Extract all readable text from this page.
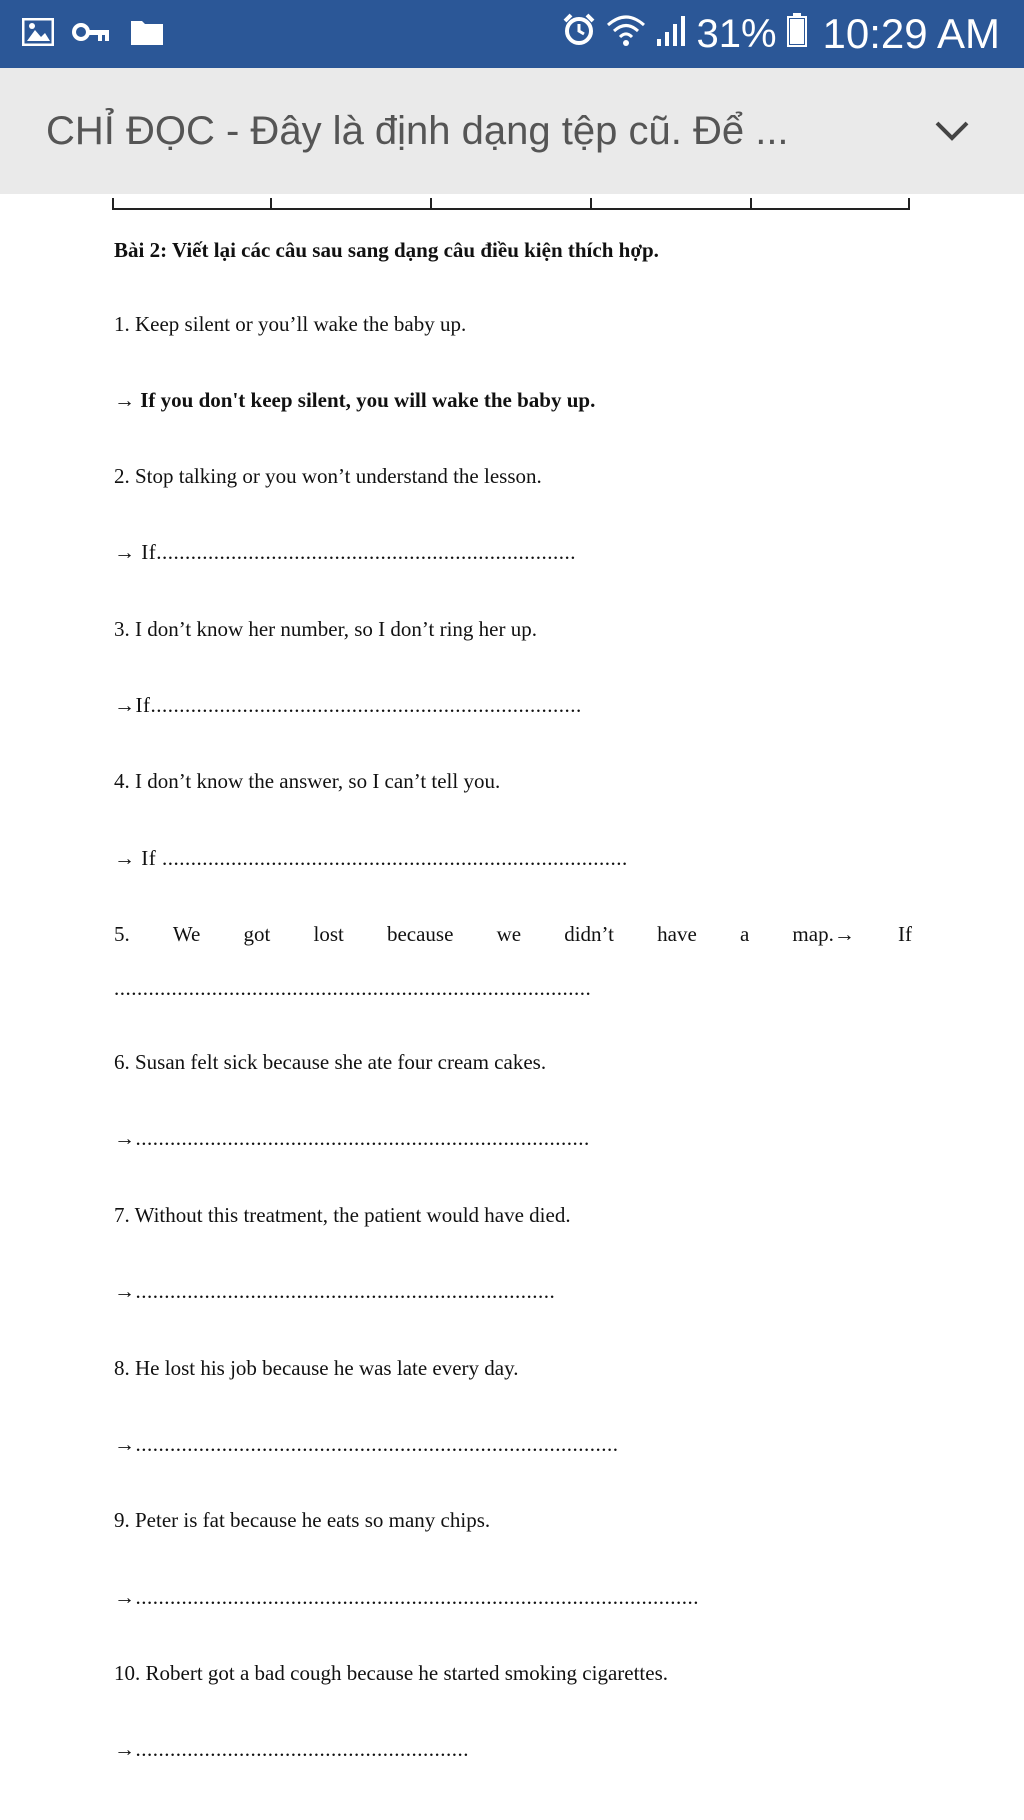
31% 10:29 AM
CHỈ ĐỌC - Đây là định dạng tệp cũ. Để ...
Bài 2: Viết lại các câu sau sang dạng câu điều kiện thích hợp.
1. Keep silent or you’ll wake the baby up.
→ If you don't keep silent, you will wake the baby up.
2. Stop talking or you won’t understand the lesson.
→ If.........................................................................
3. I don’t know her number, so I don’t ring her up.
→If...........................................................................
4. I don’t know the answer, so I can’t tell you.
→ If .................................................................................
5. We got lost because we didn’t have a map.→ If
...................................................................................
6. Susan felt sick because she ate four cream cakes.
→...............................................................................
7. Without this treatment, the patient would have died.
→.........................................................................
8. He lost his job because he was late every day.
→....................................................................................
9. Peter is fat because he eats so many chips.
→..................................................................................................
10. Robert got a bad cough because he started smoking cigarettes.
→..........................................................
